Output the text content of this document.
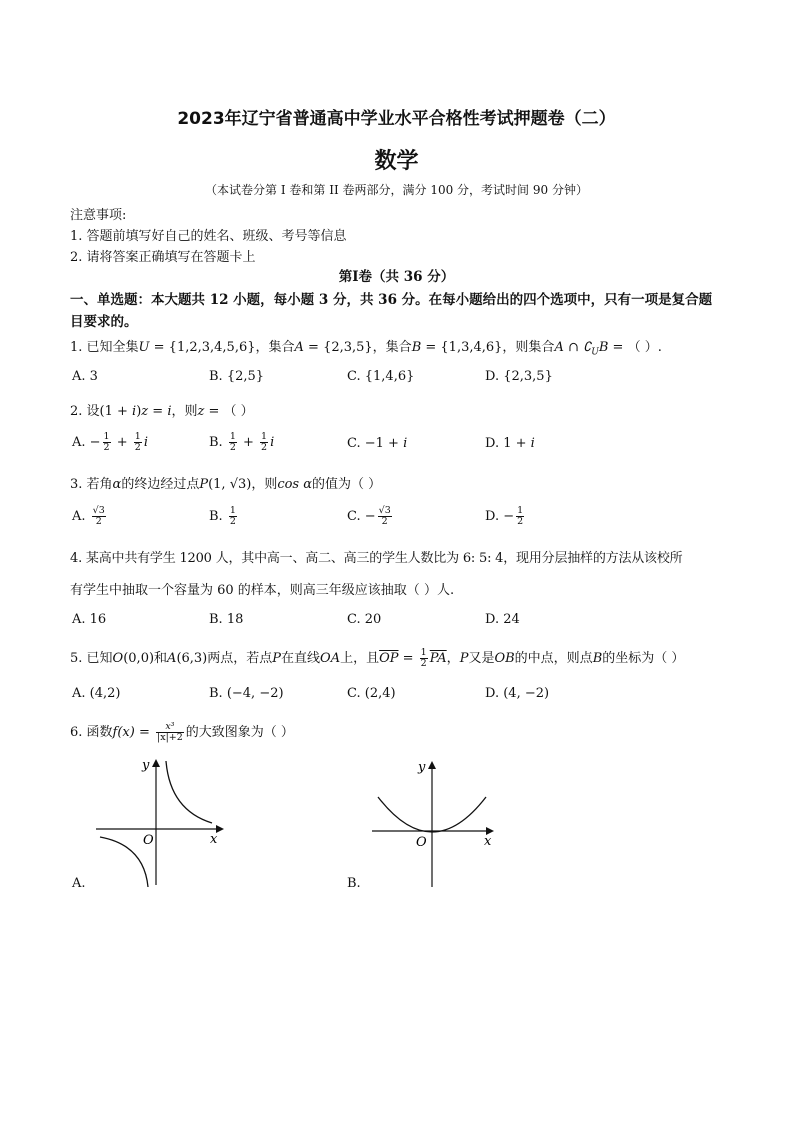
2023年辽宁省普通高中学业水平合格性考试押题卷（二）
数学
（本试卷分第 I 卷和第 II 卷两部分，满分 100 分，考试时间 90 分钟）
注意事项:
1. 答题前填写好自己的姓名、班级、考号等信息
2. 请将答案正确填写在答题卡上
第Ⅰ卷（共 36 分）
一、单选题：本大题共 12 小题，每小题 3 分，共 36 分。在每小题给出的四个选项中，只有一项是复合题
目要求的。
1. 已知全集U = {1,2,3,4,5,6}，集合A = {2,3,5}，集合B = {1,3,4,6}，则集合A ∩ $∁_UB$ = （ ）.
A. 3	B. {2,5}	C. {1,4,6}	D. {2,3,5}
2. 设(1 + i)z = i，则z = （ ）
A. − $\frac{1}{2} + \frac{1}{2}$ i	B. $\frac{1}{2} + \frac{1}{2}$ i	C. −1 + i	D. 1 + i
3. 若角α的终边经过点P(1, √3)，则cos α的值为（ ）
A. $\frac{√3}{2}$	B. $\frac{1}{2}$	C. − $\frac{√3}{2}$	D. − $\frac{1}{2}$
4. 某高中共有学生 1200 人，其中高一、高二、高三的学生人数比为 6: 5: 4，现用分层抽样的方法从该校所
有学生中抽取一个容量为 60 的样本，则高三年级应该抽取（ ）人.
A. 16	B. 18	C. 20	D. 24
5. 已知O(0,0)和A(6,3)两点，若点P在直线OA上，且$\overline{OP} = \frac{1}{2} \overline{PA}$，P又是OB的中点，则点B的坐标为（ ）
A. (4,2)	B. (−4, −2)	C. (2,4)	D. (4, −2)
6. 函数$f(x) = \frac{\text{x³}}{|x|+2}$ 的大致图象为（ ）
y
O	x
A.
y
O	x
B.
